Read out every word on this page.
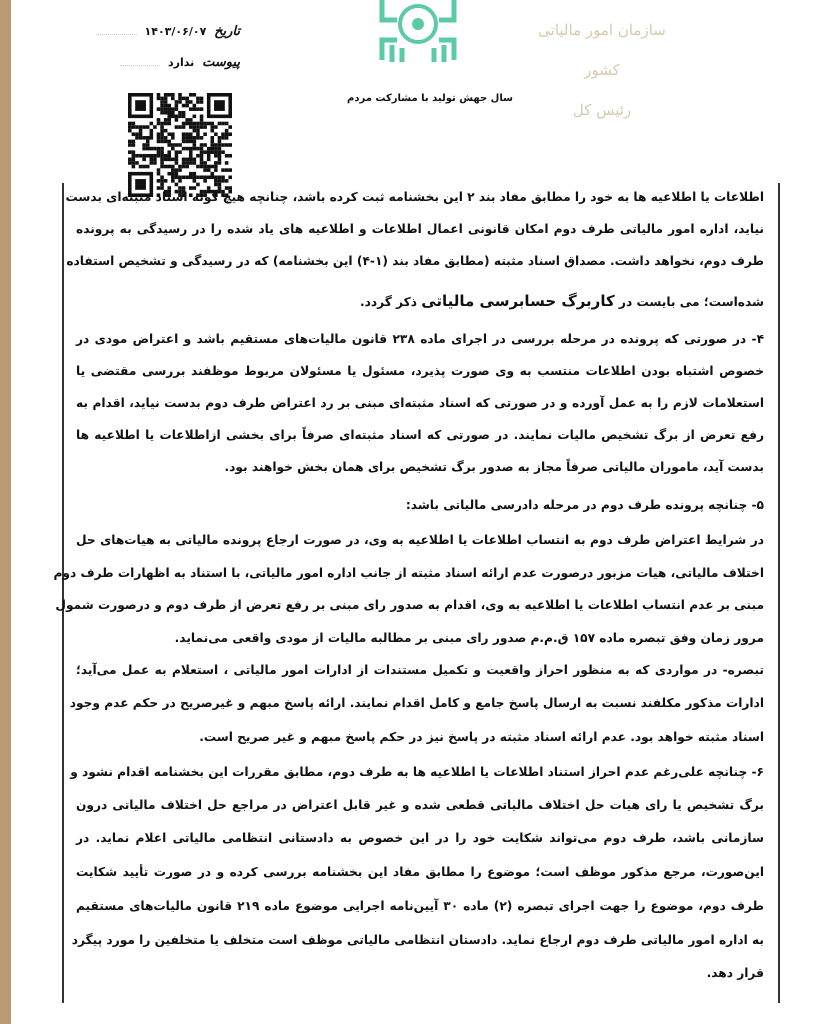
سازمان امور مالیاتی کشور
رئیس کل
سال جهش تولید با مشارکت مردم
تاریخ ۱۴۰۳/۰۶/۰۷
پیوست ندارد
اطلاعات یا اطلاعیه ها به خود را مطابق مفاد بند ۲ این بخشنامه ثبت کرده باشد، چنانچه هیچ گونه اسناد مثبته‌ای بدست
نیاید، اداره امور مالیاتی طرف دوم امکان قانونی اعمال اطلاعات و اطلاعیه های یاد شده را در رسیدگی به پرونده
طرف دوم، نخواهد داشت. مصداق اسناد مثبته (مطابق مفاد بند (۱-۴) این بخشنامه) که در رسیدگی و تشخیص استفاده
شده‌است؛ می بایست در کاربرگ حسابرسی مالیاتی ذکر گردد.
۴- در صورتی که پرونده در مرحله بررسی در اجرای ماده ۲۳۸ قانون مالیات‌های مستقیم باشد و اعتراض مودی در
خصوص اشتباه بودن اطلاعات منتسب به وی صورت پذیرد، مسئول یا مسئولان مربوط موظفند بررسی مقتضی یا
استعلامات لازم را به عمل آورده و در صورتی که اسناد مثبته‌ای مبنی بر رد اعتراض طرف دوم بدست نیاید، اقدام به
رفع تعرض از برگ تشخیص مالیات نمایند. در صورتی که اسناد مثبته‌ای صرفاً برای بخشی ازاطلاعات یا اطلاعیه ها
بدست آید، ماموران مالیاتی صرفاً مجاز به صدور برگ تشخیص برای همان بخش خواهند بود.
۵- چنانچه پرونده طرف دوم در مرحله دادرسی مالیاتی باشد:
در شرایط اعتراض طرف دوم به انتساب اطلاعات یا اطلاعیه به وی، در صورت ارجاع پرونده مالیاتی به هیات‌های حل
اختلاف مالیاتی، هیات مزبور درصورت عدم ارائه اسناد مثبته از جانب اداره امور مالیاتی، با استناد به اظهارات طرف دوم
مبنی بر عدم انتساب اطلاعات یا اطلاعیه به وی، اقدام به صدور رای مبنی بر رفع تعرض از طرف دوم و درصورت شمول
مرور زمان وفق تبصره ماده ۱۵۷ ق.م.م صدور رای مبنی بر مطالبه مالیات از مودی واقعی می‌نماید.
تبصره- در مواردی که به منظور احراز واقعیت و تکمیل مستندات از ادارات امور مالیاتی ، استعلام به عمل می‌آید؛
ادارات مذکور مکلفند نسبت به ارسال پاسخ جامع و کامل اقدام نمایند. ارائه پاسخ مبهم و غیرصریح در حکم عدم وجود
اسناد مثبته خواهد بود. عدم ارائه اسناد مثبته در پاسخ نیز در حکم پاسخ مبهم و غیر صریح است.
۶- چنانچه علی‌رغم عدم احراز استناد اطلاعات یا اطلاعیه ها به طرف دوم، مطابق مقررات این بخشنامه اقدام نشود و
برگ تشخیص یا رای هیات حل اختلاف مالیاتی قطعی شده و غیر قابل اعتراض در مراجع حل اختلاف مالیاتی درون
سازمانی باشد، طرف دوم می‌تواند شکایت خود را در این خصوص به دادستانی انتظامی مالیاتی اعلام نماید. در
این‌صورت، مرجع مذکور موظف است؛ موضوع را مطابق مفاد این بخشنامه بررسی کرده و در صورت تأیید شکایت
طرف دوم، موضوع را جهت اجرای تبصره (۲) ماده ۳۰ آیین‌نامه اجرایی موضوع ماده ۲۱۹ قانون مالیات‌های مستقیم
به اداره امور مالیاتی طرف دوم ارجاع نماید. دادستان انتظامی مالیاتی موظف است متخلف یا متخلفین را مورد پیگرد
قرار دهد.
